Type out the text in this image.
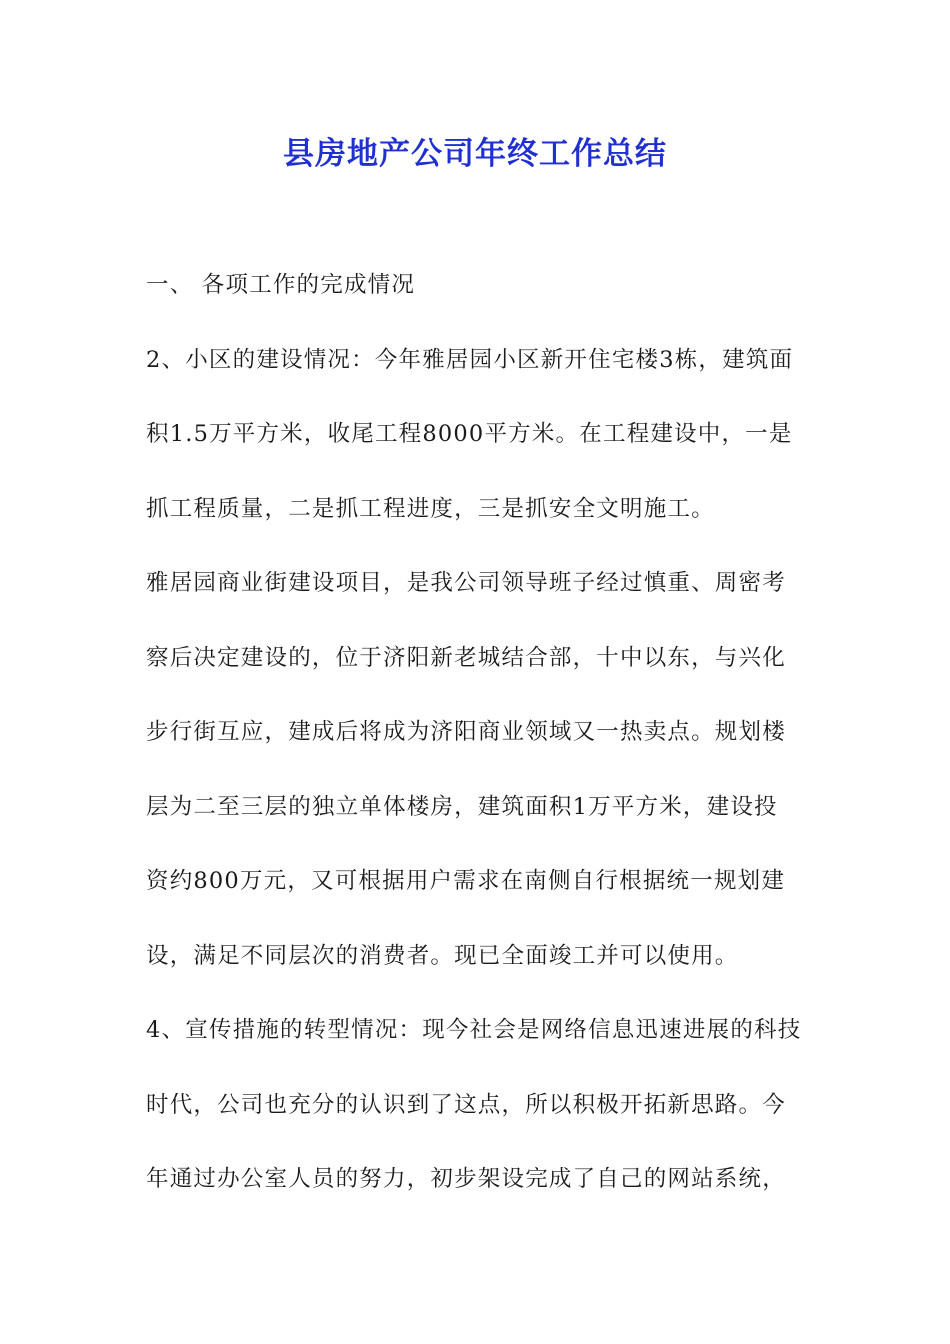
县房地产公司年终工作总结
一、 各项工作的完成情况
2、小区的建设情况：今年雅居园小区新开住宅楼3栋，建筑面
积1.5万平方米，收尾工程8000平方米。在工程建设中，一是
抓工程质量，二是抓工程进度，三是抓安全文明施工。
雅居园商业街建设项目，是我公司领导班子经过慎重、周密考
察后决定建设的，位于济阳新老城结合部，十中以东，与兴化
步行街互应，建成后将成为济阳商业领域又一热卖点。规划楼
层为二至三层的独立单体楼房，建筑面积1万平方米，建设投
资约800万元，又可根据用户需求在南侧自行根据统一规划建
设，满足不同层次的消费者。现已全面竣工并可以使用。
4、宣传措施的转型情况：现今社会是网络信息迅速进展的科技
时代，公司也充分的认识到了这点，所以积极开拓新思路。今
年通过办公室人员的努力，初步架设完成了自己的网站系统，
